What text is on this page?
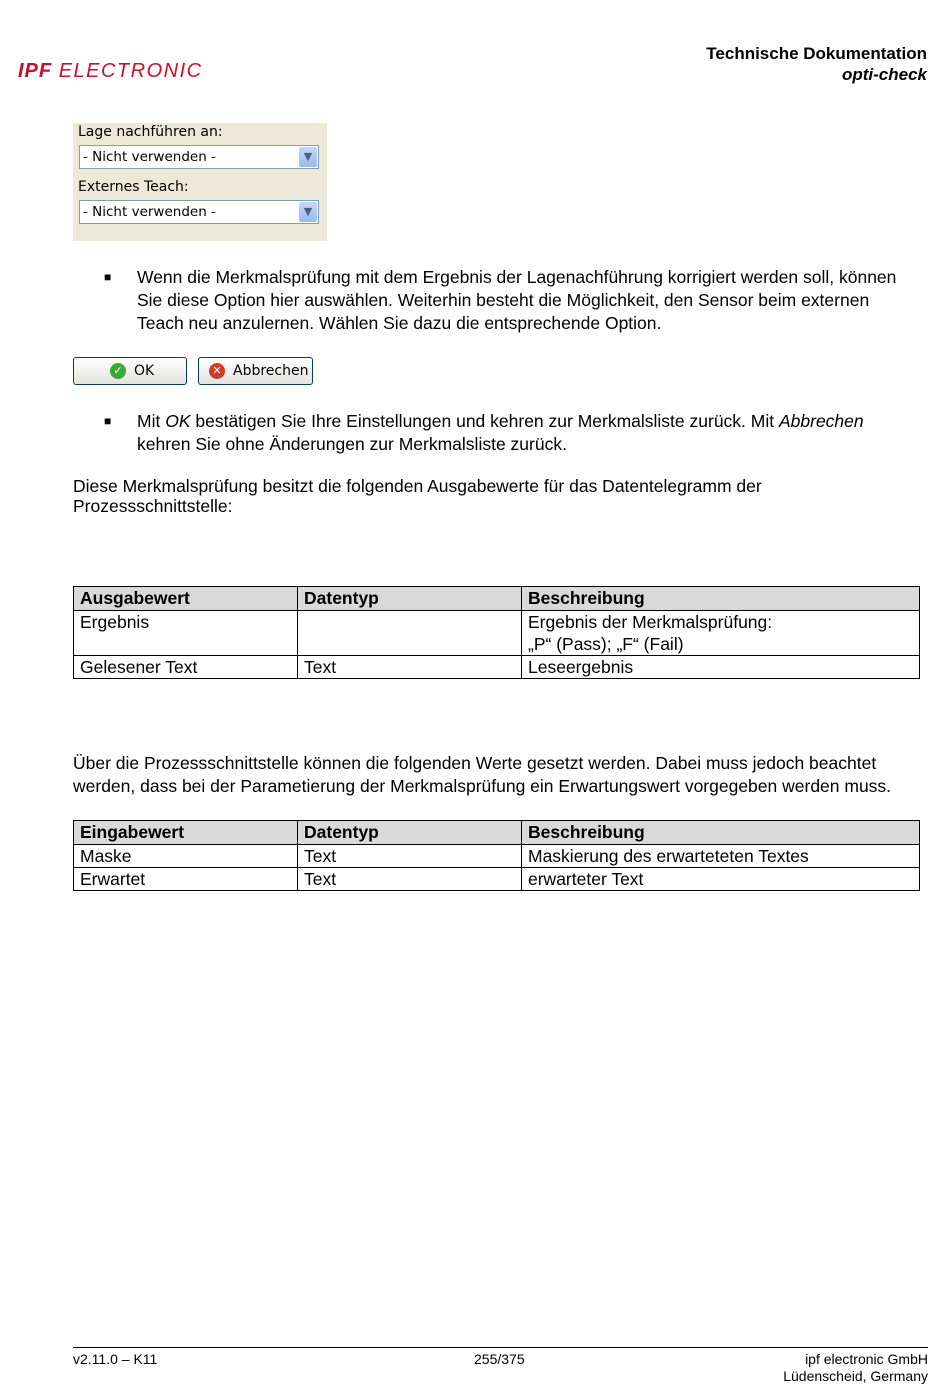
IPF ELECTRONIC
Technische Dokumentation
opti-check
Lage nachführen an:
- Nicht verwenden -	▼
Externes Teach:
- Nicht verwenden -	▼
■ Wenn die Merkmalsprüfung mit dem Ergebnis der Lagenachführung korrigiert werden soll, können
Sie diese Option hier auswählen. Weiterhin besteht die Möglichkeit, den Sensor beim externen
Teach neu anzulernen. Wählen Sie dazu die entsprechende Option.
✓ OK	✕ Abbrechen
■ Mit OK bestätigen Sie Ihre Einstellungen und kehren zur Merkmalsliste zurück. Mit Abbrechen
kehren Sie ohne Änderungen zur Merkmalsliste zurück.
Diese Merkmalsprüfung besitzt die folgenden Ausgabewerte für das Datentelegramm der
Prozessschnittstelle:
Ausgabewert	Datentyp	Beschreibung
Ergebnis		Ergebnis der Merkmalsprüfung:
„P“ (Pass); „F“ (Fail)

Gelesener Text	Text	Leseergebnis
Über die Prozessschnittstelle können die folgenden Werte gesetzt werden. Dabei muss jedoch beachtet
werden, dass bei der Parametierung der Merkmalsprüfung ein Erwartungswert vorgegeben werden muss.
Eingabewert	Datentyp	Beschreibung
Maske	Text	Maskierung des erwarteteten Textes
Erwartet	Text	erwarteter Text
v2.11.0 – K11	255/375	ipf electronic GmbH
Lüdenscheid, Germany
